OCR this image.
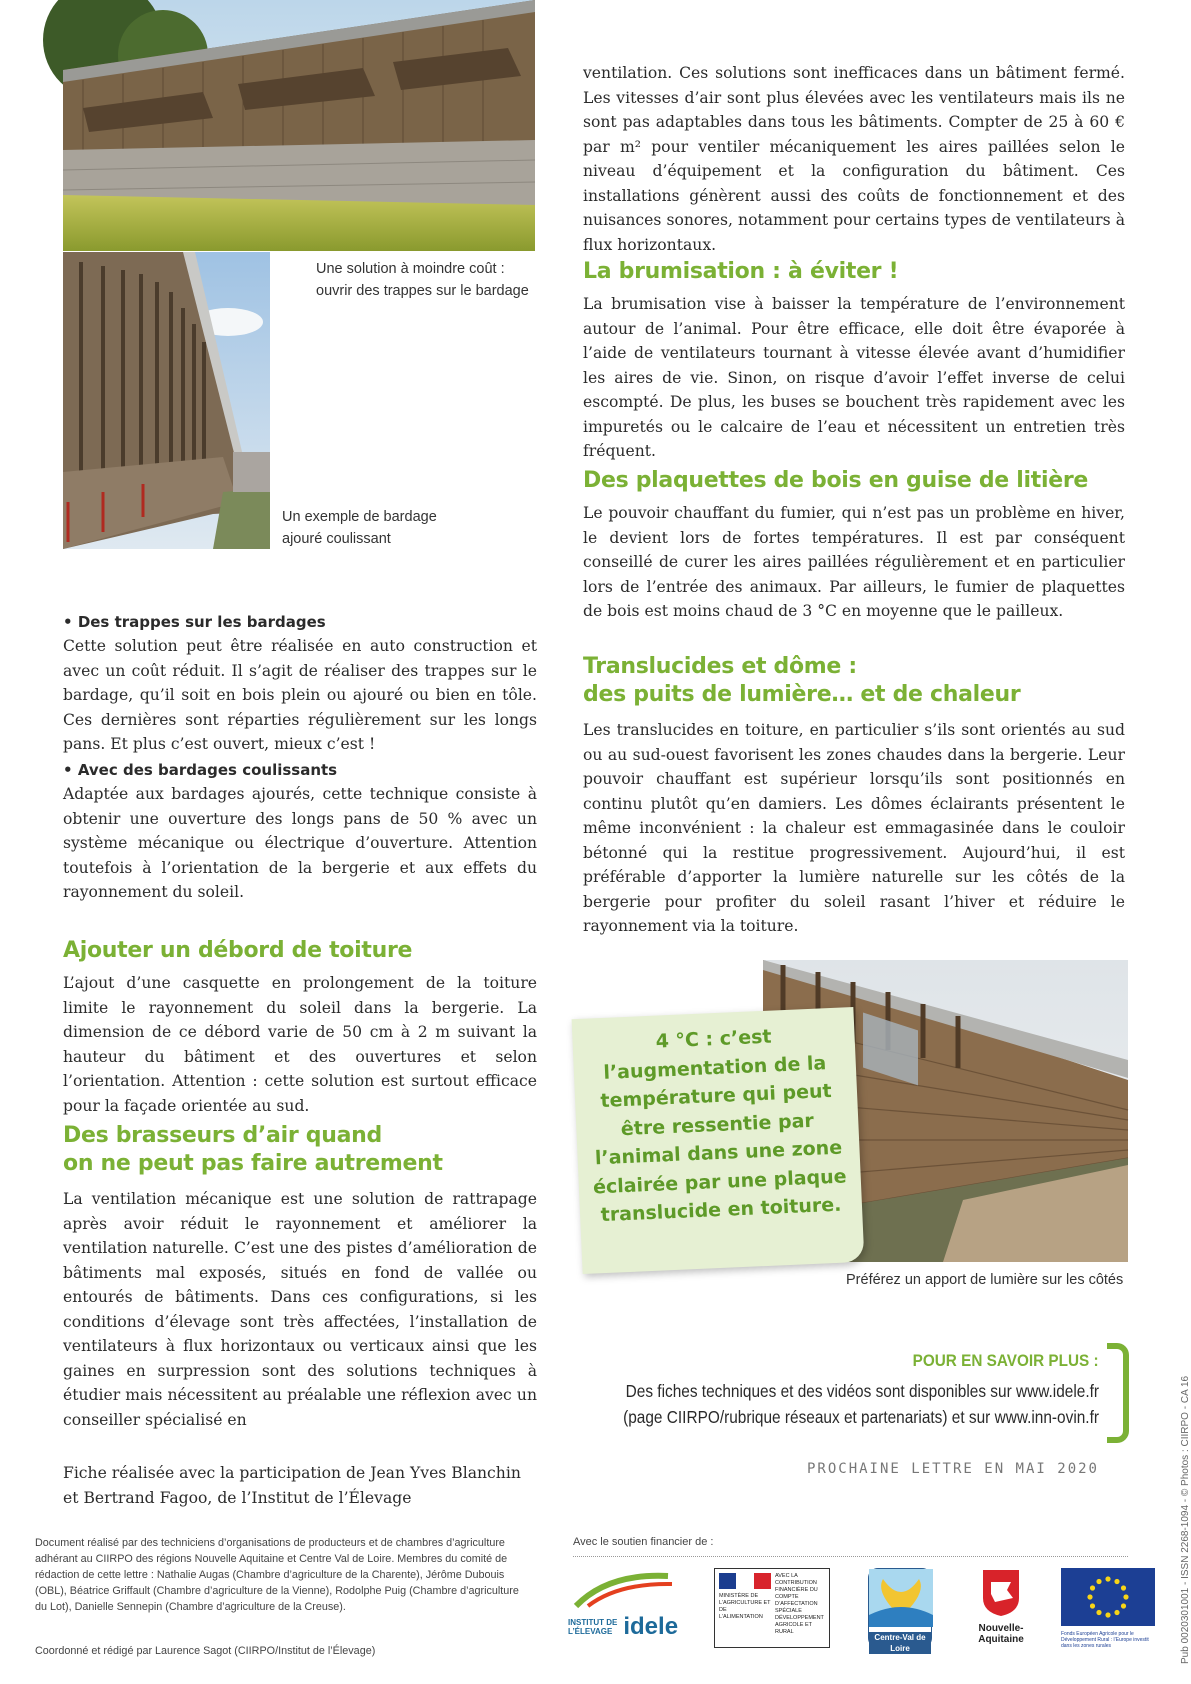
Une solution à moindre coût :
ouvrir des trappes sur le bardage
Un exemple de bardage
ajouré coulissant
• Des trappes sur les bardages
Cette solution peut être réalisée en auto construction et avec un coût réduit. Il s’agit de réaliser des trappes sur le bardage, qu’il soit en bois plein ou ajouré ou bien en tôle. Ces dernières sont réparties régulièrement sur les longs pans. Et plus c’est ouvert, mieux c’est !
• Avec des bardages coulissants
Adaptée aux bardages ajourés, cette technique consiste à obtenir une ouverture des longs pans de 50 % avec un système mécanique ou électrique d’ouverture. Attention toutefois à l’orientation de la bergerie et aux effets du rayonnement du soleil.
Ajouter un débord de toiture
L’ajout d’une casquette en prolongement de la toiture limite le rayonnement du soleil dans la bergerie. La dimension de ce débord varie de 50 cm à 2 m suivant la hauteur du bâtiment et des ouvertures et selon l’orientation. Attention : cette solution est surtout efficace pour la façade orientée au sud.
Des brasseurs d’air quand
on ne peut pas faire autrement
La ventilation mécanique est une solution de rattrapage après avoir réduit le rayonnement et améliorer la ventilation naturelle. C’est une des pistes d’amélioration de bâtiments mal exposés, situés en fond de vallée ou entourés de bâtiments. Dans ces configurations, si les conditions d’élevage sont très affectées, l’installation de ventilateurs à flux horizontaux ou verticaux ainsi que les gaines en surpression sont des solutions techniques à étudier mais nécessitent au préalable une réflexion avec un conseiller spécialisé en
Fiche réalisée avec la participation de Jean Yves Blanchin
et Bertrand Fagoo, de l’Institut de l’Élevage
ventilation. Ces solutions sont inefficaces dans un bâtiment fermé. Les vitesses d’air sont plus élevées avec les ventilateurs mais ils ne sont pas adaptables dans tous les bâtiments. Compter de 25 à 60 € par m² pour ventiler mécaniquement les aires paillées selon le niveau d’équipement et la configuration du bâtiment. Ces installations génèrent aussi des coûts de fonctionnement et des nuisances sonores, notamment pour certains types de ventilateurs à flux horizontaux.
La brumisation : à éviter !
La brumisation vise à baisser la température de l’environnement autour de l’animal. Pour être efficace, elle doit être évaporée à l’aide de ventilateurs tournant à vitesse élevée avant d’humidifier les aires de vie. Sinon, on risque d’avoir l’effet inverse de celui escompté. De plus, les buses se bouchent très rapidement avec les impuretés ou le calcaire de l’eau et nécessitent un entretien très fréquent.
Des plaquettes de bois en guise de litière
Le pouvoir chauffant du fumier, qui n’est pas un problème en hiver, le devient lors de fortes températures. Il est par conséquent conseillé de curer les aires paillées régulièrement et en particulier lors de l’entrée des animaux. Par ailleurs, le fumier de plaquettes de bois est moins chaud de 3 °C en moyenne que le pailleux.
Translucides et dôme :
des puits de lumière… et de chaleur
Les translucides en toiture, en particulier s’ils sont orientés au sud ou au sud-ouest favorisent les zones chaudes dans la bergerie. Leur pouvoir chauffant est supérieur lorsqu’ils sont positionnés en continu plutôt qu’en damiers. Les dômes éclairants présentent le même inconvénient : la chaleur est emmagasinée dans le couloir bétonné qui la restitue progressivement. Aujourd’hui, il est préférable d’apporter la lumière naturelle sur les côtés de la bergerie pour profiter du soleil rasant l’hiver et réduire le rayonnement via la toiture.
4 °C : c’est l’augmentation de la température qui peut être ressentie par l’animal dans une zone éclairée par une plaque translucide en toiture.
Préférez un apport de lumière sur les côtés
POUR EN SAVOIR PLUS :
Des fiches techniques et des vidéos sont disponibles sur www.idele.fr
(page CIIRPO/rubrique réseaux et partenariats) et sur www.inn-ovin.fr
PROCHAINE LETTRE EN MAI 2020
Document réalisé par des techniciens d’organisations de producteurs et de chambres d’agriculture adhérant au CIIRPO des régions Nouvelle Aquitaine et Centre Val de Loire. Membres du comité de rédaction de cette lettre : Nathalie Augas (Chambre d’agriculture de la Charente), Jérôme Dubouis (OBL), Béatrice Griffault (Chambre d’agriculture de la Vienne), Rodolphe Puig (Chambre d’agriculture du Lot), Danielle Sennepin (Chambre d’agriculture de la Creuse).
Coordonné et rédigé par Laurence Sagot (CIIRPO/Institut de l’Élevage)
Avec le soutien financier de :
INSTITUT DE
L’ÉLEVAGE idele
MINISTÈRE DE L’AGRICULTURE ET DE L’ALIMENTATION
AVEC LA CONTRIBUTION FINANCIÈRE DU COMPTE D’AFFECTATION SPÉCIALE DÉVELOPPEMENT AGRICOLE ET RURAL
Centre-Val de Loire
Nouvelle-
Aquitaine	Fonds Européen Agricole pour le Développement Rural : l’Europe investit dans les zones rurales	Pub 0020301001 - ISSN 2268-1094 - © Photos : CIIRPO - CA 16
